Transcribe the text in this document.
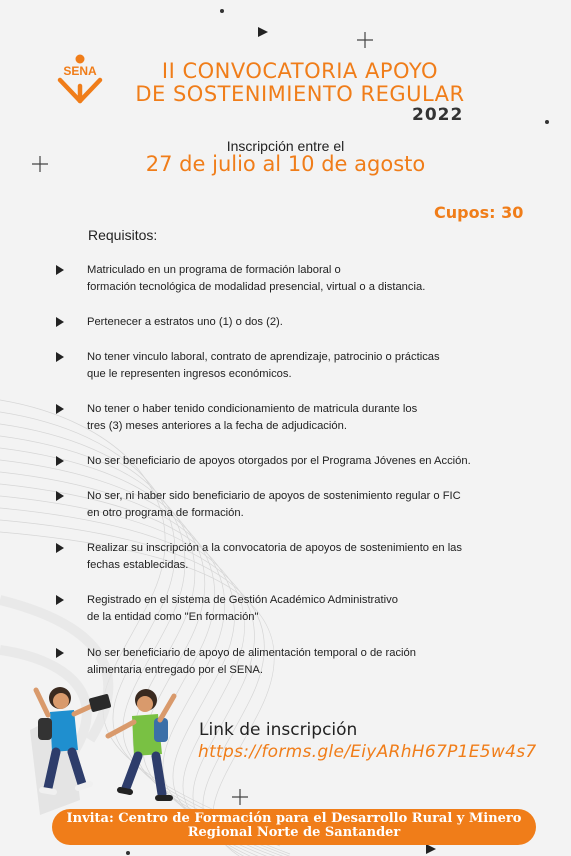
SENA	II CONVOCATORIA APOYO
DE SOSTENIMIENTO REGULAR
2022
Inscripción entre el
27 de julio al 10 de agosto
Cupos: 30
Requisitos:
Matriculado en un programa de formación laboral o
formación tecnológica de modalidad presencial, virtual o a distancia.
Pertenecer a estratos uno (1) o dos (2).
No tener vinculo laboral, contrato de aprendizaje, patrocinio o prácticas
que le representen ingresos económicos.
No tener o haber tenido condicionamiento de matricula durante los
tres (3) meses anteriores a la fecha de adjudicación.
No ser beneficiario de apoyos otorgados por el Programa Jóvenes en Acción.
No ser, ni haber sido beneficiario de apoyos de sostenimiento regular o FIC
en otro programa de formación.
Realizar su inscripción a la convocatoria de apoyos de sostenimiento en las
fechas establecidas.
Registrado en el sistema de Gestión Académico Administrativo
de la entidad como "En formación"
No ser beneficiario de apoyo de alimentación temporal o de ración
alimentaria entregado por el SENA.
Link de inscripción
https://forms.gle/EiyARhH67P1E5w4s7
Invita: Centro de Formación para el Desarrollo Rural y Minero
Regional Norte de Santander
